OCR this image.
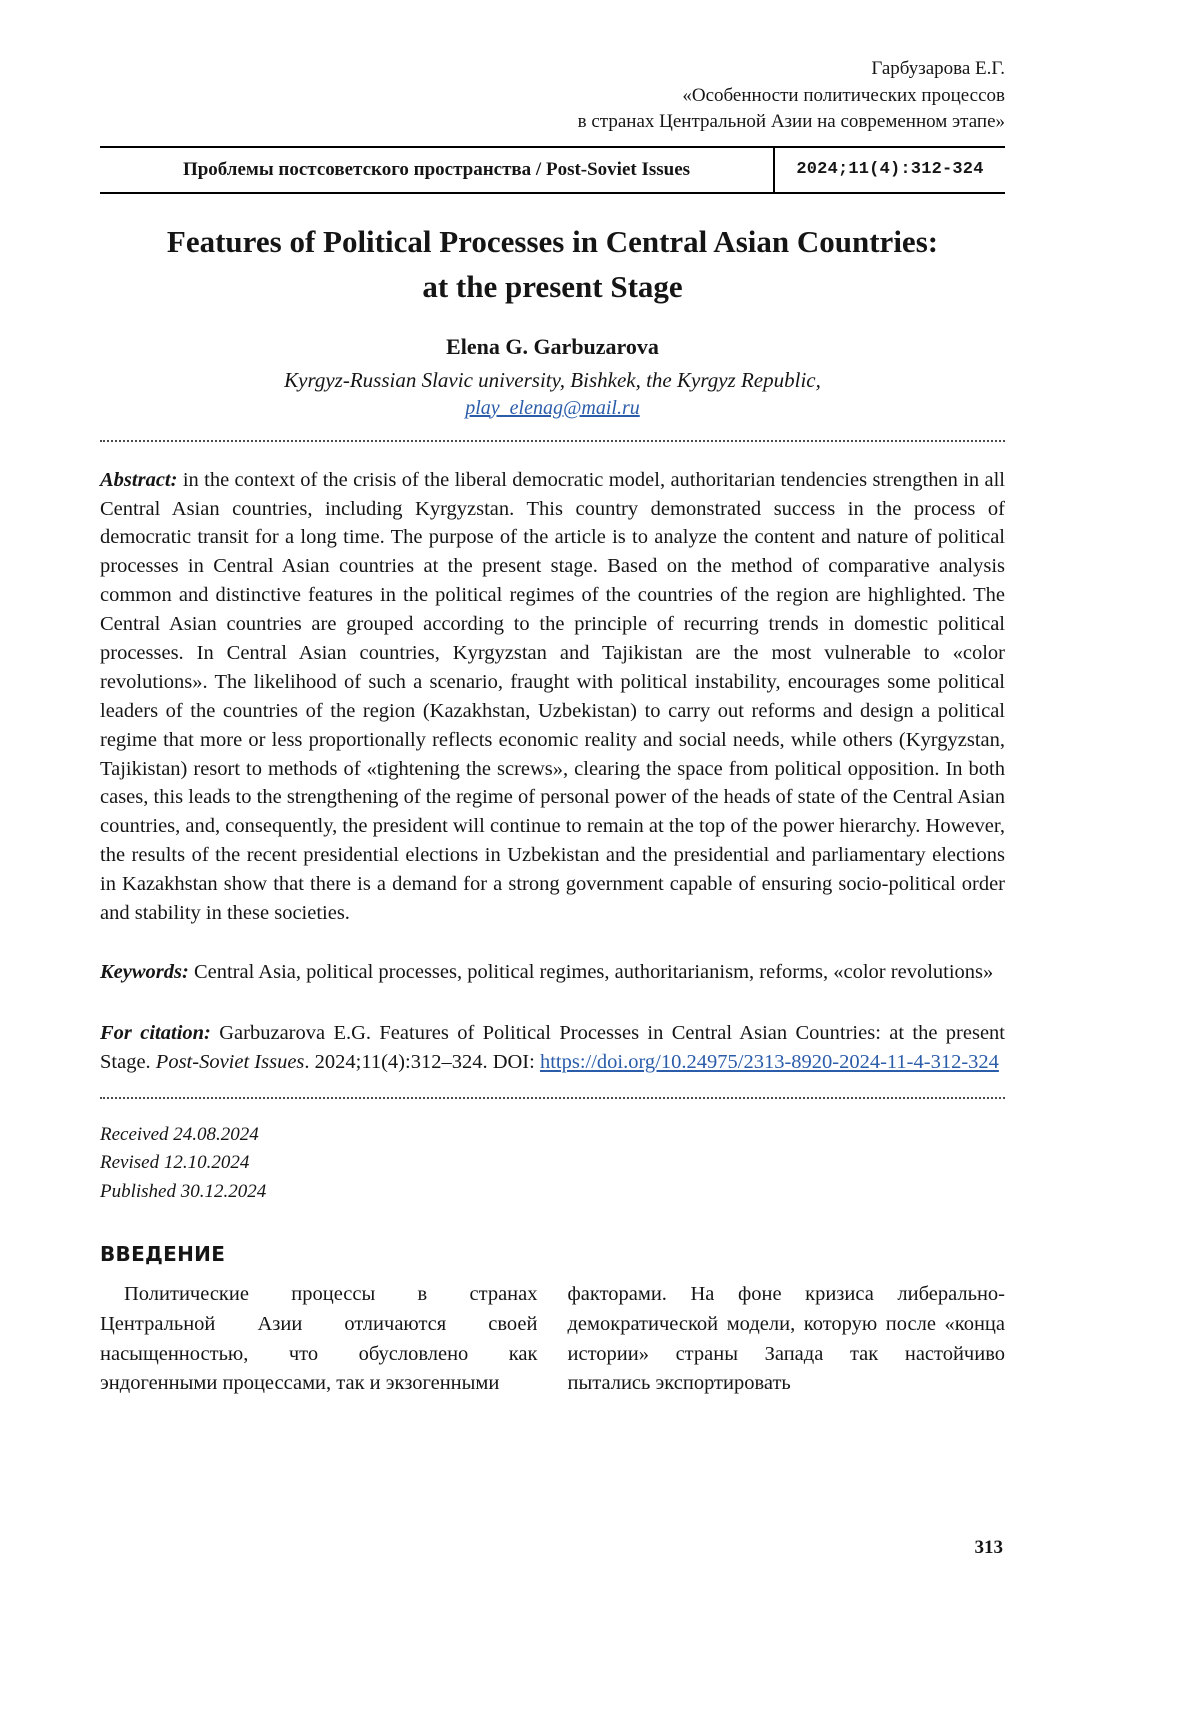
Гарбузарова Е.Г.
«Особенности политических процессов
в странах Центральной Азии на современном этапе»
Проблемы постсоветского пространства / Post-Soviet Issues	2024;11(4):312-324
Features of Political Processes in Central Asian Countries:
at the present Stage
Elena G. Garbuzarova
Kyrgyz-Russian Slavic university, Bishkek, the Kyrgyz Republic,
play_elenag@mail.ru

Abstract: in the context of the crisis of the liberal democratic model, authoritarian tendencies strengthen in all Central Asian countries, including Kyrgyzstan. This country demonstrated success in the process of democratic transit for a long time. The purpose of the article is to analyze the content and nature of political processes in Central Asian countries at the present stage. Based on the method of comparative analysis common and distinctive features in the political regimes of the countries of the region are highlighted. The Central Asian countries are grouped according to the principle of recurring trends in domestic political processes. In Central Asian countries, Kyrgyzstan and Tajikistan are the most vulnerable to «color revolutions». The likelihood of such a scenario, fraught with political instability, encourages some political leaders of the countries of the region (Kazakhstan, Uzbekistan) to carry out reforms and design a political regime that more or less proportionally reflects economic reality and social needs, while others (Kyrgyzstan, Tajikistan) resort to methods of «tightening the screws», clearing the space from political opposition. In both cases, this leads to the strengthening of the regime of personal power of the heads of state of the Central Asian countries, and, consequently, the president will continue to remain at the top of the power hierarchy. However, the results of the recent presidential elections in Uzbekistan and the presidential and parliamentary elections in Kazakhstan show that there is a demand for a strong government capable of ensuring socio-political order and stability in these societies.

Keywords: Central Asia, political processes, political regimes, authoritarianism, reforms, «color revolutions»

For citation: Garbuzarova E.G. Features of Political Processes in Central Asian Countries: at the present Stage. Post-Soviet Issues. 2024;11(4):312–324. DOI: https://doi.org/10.24975/2313-8920-2024-11-4-312-324

Received 24.08.2024
Revised 12.10.2024
Published 30.12.2024
ВВЕДЕНИЕ
Политические процессы в странах Центральной Азии отличаются своей насыщенностью, что обусловлено как эндогенными процессами, так и экзогенными
факторами. На фоне кризиса либерально-демократической модели, которую после «конца истории» страны Запада так настойчиво пытались экспортировать
313
